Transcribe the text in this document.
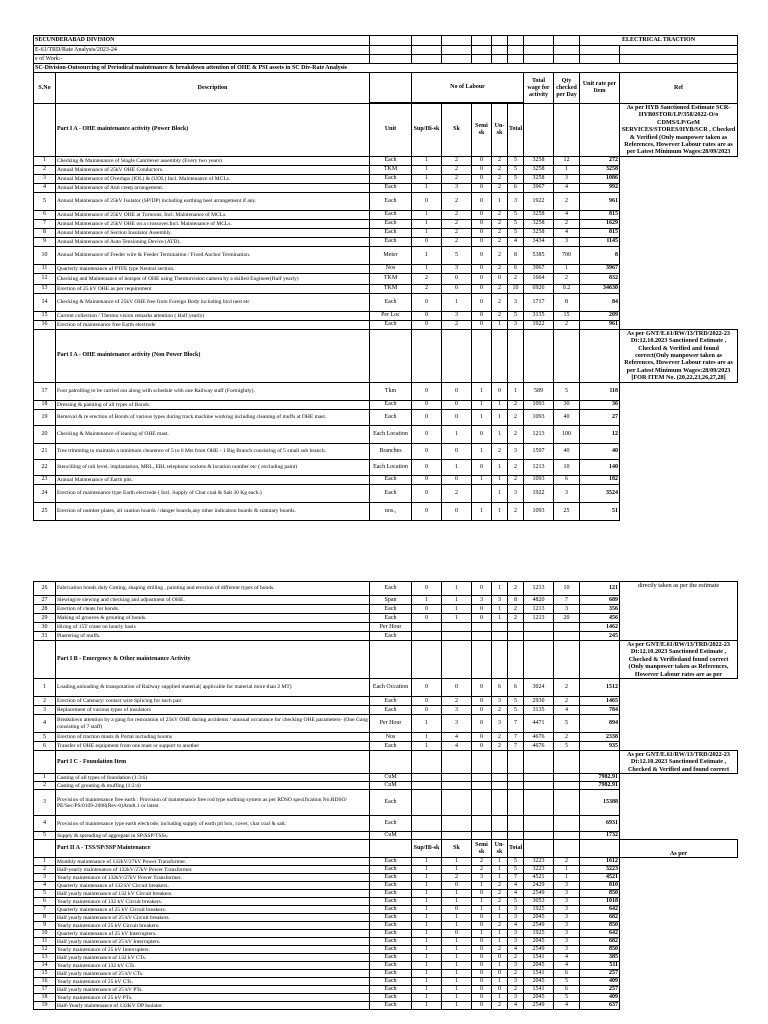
SECUNDERABAD DIVISION										ELECTRICAL TRACTION	
E-61/TRD/Rate Analysis/2023-24											
e of Work:-											
SC-Division-Outsourcing of Periodical maintenance & breakdown attention of OHE & PSI assets in SC Div-Rate Analysis											
S.No	Description		No of Labour					Total wage for activity	Qty checked per Day	Unit rate per Item	Ref

	Part I A - OHE maintenance activity (Power Block)	Unit	Sup/Hi-sk	Sk	Semi sk	Un-sk	Total				As per HYB Sanctioned Estimate SCR-HYB0STOR/LP/358/2022-O/o CDMS/LP/GeM SERVICES/STORES/HYB/SCR , Checked & Verified (Only manpower taken as References, However Labour rates are as per Latest Minimum Wages:28/09/2023
1	Checking & Maintenance of Single Cantilever assembly (Every two years)	Each	1	2	0	2	5	3258	12	272	
2	Annual Maintenance of 25kV OHE Conductors.	TKM	1	2	0	2	5	3258	1	3258	
3	Annual Maintenance of Overlaps (IOL) & (UOL) Incl. Maintenance of MCLs.	Each	1	2	0	2	5	3258	3	1086	
4	Annual Maintenance of Anti creep arrangement.	Each	1	3	0	2	6	3967	4	992	
5	Annual Maintenance of 25kV Isolator (SP/DP) including earthing heel arrangement if any.	Each	0	2	0	1	3	1922	2	961	
6	Annual Maintenance of 25kV OHE at Turnouts. Incl. Maintenance of MCLs.	Each	1	2	0	2	5	3258	4	815	
7	Annual Maintenance of 25kV OHE on a crossover.Incl. Maintenance of MCLs.	Each	1	2	0	2	5	3258	2	1629	
8	Annual Maintenance of Section Insulator Assembly.	Each	1	2	0	2	5	3258	4	815	
9	Annual Maintenance of Auto Tensioning Device (ATD).	Each	0	2	0	2	4	3434	3	1145	
10	Annual Maintenance of Feeder wire & Feeder Termination / Fixed Anchor Termination.	Meter	1	5	0	2	8	5385	700	8	
11	Quarterly maintenance of PTFE type Neutral section.	Nos	1	3	0	2	6	3967	1	3967	
12	Checking and Maintenance of hotspot of OHE using Thermovision camera by a skilled Engineer(Half yearly)	TKM	2	0	0	0	2	1664	2	832	
13	Erection of 25 kV OHE as per requirement	TKM	2	6	0	2	10	6926	0.2	34630	
14	Checking & Maintenance of 25kV OHE free from Foreign Body including bird nest etc	Each	0	1	0	2	3	1717	8	84	
15	Current collection / Thermo vision remarks attention ( Half yearly)	Per Loc	0	3	0	2	5	3135	15	209	
16	Erection of maintenance free Earth electrode	Each	0	2	0	1	3	1922	2	961	
	Part I A - OHE maintenance activity (Non Power Block)										As per GNT/E.61/RW/13/TRD/2022-23 Dt:12.10.2023 Sanctioned Estimate , Checked & Verified and found correct(Only manpower taken as References, However Labour rates are as per Latest Minimum Wages:28/09/2023 [FOR ITEM No. (20,22,23,26,27,28]
17	Foot patrolling to be carried out along with schedule with one Railway staff (Fortnightly).	Tkm	0	0	1	0	1	589	5	118	
18	Dressing & painting of all types of Bonds.	Each	0	0	1	1	2	1093	30	36	
19	Removal & re erection of Bonds of various types during track machine working including cleaning of muffs at OHE mast.	Each	0	0	1	1	2	1093	40	27	
20	Checking & Maintenance of leaning of OHE mast.	Each Location	0	1	0	1	2	1213	100	12	
21	Tree trimming to maintain a minimum clearence of 5 to 6 Mts from OHE - 1 Big Branch consisting of 5 small sub branch.	Branches	0	0	1	2	3	1597	40	40	
22	Stencilling of rail level, implantation, MRL, ERL telephone sockets & location number etc ( excluding paint)	Each Location	0	1	0	1	2	1213	10	140	
23	Annual Maintenance of Earth pits.	Each	0	0	1	1	2	1093	6	182	
24	Erection of maintenance type Earth electrode ( Incl. Supply of Char coal & Salt 30 Kg each.)	Each	0	2		1	3	1922	3	3524	
25	Erection of number plates, all caution boards / danger boards,any other indicaiton boards & statutary boards.	nos.,	0	0	1	1	2	1093	25	51	
26	Fabrication bonds duly Cutting, shaping drilling , painting and erection of different types of bonds.	Each	0	1	0	1	2	1213	10	121	directly taken as per the estimate
27	Slewing/re slewing and checking and adjustment of OHE.	Span	1	1	3	3	8	4820	7	689	
28	Erection of cleats for bonds.	Each	0	1	0	1	2	1213	3	356	
29	Making of grooves & grouting of bonds.	Each	0	1	0	1	2	1213	20	456	
30	Hiring of 15T crane on hourly basis	Per Hour								1462	
31	Plastering of muffs.	Each								245	
	Part I B - Emergency & Other maintenance Activity										As per GNT/E.61/RW/13/TRD/2022-23 Dt:12.10.2023 Sanctioned Estimate , Checked & Verifiedand found correct (Only manpower taken as References, However Labour rates are as per
1	Loading,unloading & transpotation of Railway supplied material( applicable for material more than 2 MT)	Each Occation	0	0	0	6	6	3024	2	1512	
2	Erection of Catenary/ contact wire Splicing for each pair	Each	0	2	0	3	5	2930	2	1465	
3	Replacement of various types of insulators	Each	0	3	0	2	5	3135	4	784	
4	Breakdown attention by a gang for restoration of 25kV OHE during accidents / unusual occurance for checking OHE parameters- (One Gang consisting of 7 staff)	Per Hour	1	3	0	3	7	4471	5	894	
5	Erection of traction masts & Portal including booms	Nos	1	4	0	2	7	4676	2	2338	
6	Transfer of OHE equipment from one mast or support to another	Each	1	4	0	2	7	4676	5	935	
	Part I C - Foundation Item										As per GNT/E.61/RW/13/TRD/2022-23 Dt:12.10.2023 Sanctioned Estimate , Checked & Verified and found correct
1	Casting of all types of foundation (1:3:6)	CuM								7982.91	
2	Casting of grouting & muffing (1:2:4)	CuM								7982.91	
3	Provision of maintenance free earth : Provision of maintenance free rod type earthing system as per RDSO specification No.RDSO/ PE/Sec/PS/0109-2008(Rev-0)Amdt.1 or latest	Each								15388	
4	Provision of maintenance type earth electrode, including supply of earth pit box, cover, char coal & salt.	Each								6931	
5	Supply & spreading of aggregate in SP/SSP/TSSs.	CuM								1732	
	Part II A - TSS/SP/SSP Maintenance		Sup/Hi-sk	Sk	Semi sk	Un-sk	Total				As per
1	Monthly maintenance of 132kV/27kV Power Transformer.	Each	1	1	2	1	5	3223	2	1612	
2	Half-yearly maintenance of 132kV/27kV Power Transformer.	Each	1	1	2	1	5	3223	1	3223	
3	Yearly maintenance of 132kV/27kV Power Transformer.	Each	1	2	3	1	7	4521	1	4521	
4	Quarterly maintenance of 132 kV Circuit breakers.	Each	1	0	1	2	4	2429	3	810	
5	Half yearly maintenance of 132 kV Circuit breakers.	Each	1	1	0	2	4	2549	3	850	
6	Yearly maintenance of 132 kV Circuit breakers.	Each	1	1	1	2	5	3053	3	1018	
7	Quarterly maintenance of 25 kV Circuit breakers.	Each	1	0	1	1	3	1925	3	642	
8	Half yearly maintenance of 25 kV Circuit breakers.	Each	1	1	0	1	3	2045	3	682	
9	Yearly maintenance of 25 kV Circuit breakers.	Each	1	1	0	2	4	2549	3	850	
10	Quarterly maintenance of 25 kV Interrupters.	Each	1	0	1	1	3	1925	3	642	
11	Half yearly maintenance of 25 kV Interrupters.	Each	1	1	0	1	3	2045	3	682	
12	Yearly maintenance of 25 kV Interrupters.	Each	1	1	0	2	4	2549	3	850	
13	Half yearly maintenance of 132 kV CTs.	Each	1	1	0	0	2	1541	4	385	
14	Yearly maintenance of 132 kV CTs.	Each	1	1	0	1	3	2045	4	511	
15	Half yearly maintenance of 25 kV CTs.	Each	1	1	0	0	2	1541	6	257	
16	Yearly maintenance of 25 kV CTs.	Each	1	1	0	1	3	2045	5	409	
17	Half yearly maintenance of 25 kV PTs.	Each	1	1	0	0	2	1541	6	257	
18	Yearly maintenance of 25 kV PTs.	Each	1	1	0	1	3	2045	5	409	
19	Half-Yearly maintenance of 132KV DP Isolator.	Each	1	1	0	2	4	2549	4	637	
